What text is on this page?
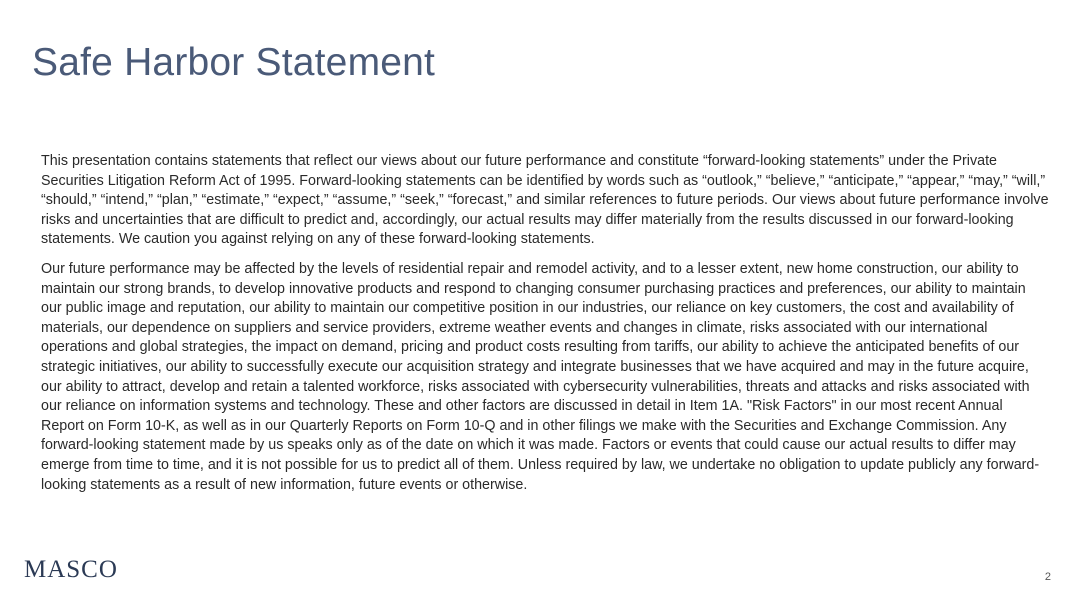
Safe Harbor Statement

This presentation contains statements that reflect our views about our future performance and constitute “forward-looking statements” under the Private Securities Litigation Reform Act of 1995. Forward-looking statements can be identified by words such as “outlook,” “believe,” “anticipate,” “appear,” “may,” “will,” “should,” “intend,” “plan,” “estimate,” “expect,” “assume,” “seek,” “forecast,” and similar references to future periods. Our views about future performance involve risks and uncertainties that are difficult to predict and, accordingly, our actual results may differ materially from the results discussed in our forward-looking statements. We caution you against relying on any of these forward-looking statements.

Our future performance may be affected by the levels of residential repair and remodel activity, and to a lesser extent, new home construction, our ability to maintain our strong brands, to develop innovative products and respond to changing consumer purchasing practices and preferences, our ability to maintain our public image and reputation, our ability to maintain our competitive position in our industries, our reliance on key customers, the cost and availability of materials, our dependence on suppliers and service providers, extreme weather events and changes in climate, risks associated with our international operations and global strategies, the impact on demand, pricing and product costs resulting from tariffs, our ability to achieve the anticipated benefits of our strategic initiatives, our ability to successfully execute our acquisition strategy and integrate businesses that we have acquired and may in the future acquire, our ability to attract, develop and retain a talented workforce, risks associated with cybersecurity vulnerabilities, threats and attacks and risks associated with our reliance on information systems and technology. These and other factors are discussed in detail in Item 1A. "Risk Factors" in our most recent Annual Report on Form 10-K, as well as in our Quarterly Reports on Form 10-Q and in other filings we make with the Securities and Exchange Commission. Any forward-looking statement made by us speaks only as of the date on which it was made. Factors or events that could cause our actual results to differ may emerge from time to time, and it is not possible for us to predict all of them. Unless required by law, we undertake no obligation to update publicly any forward-looking statements as a result of new information, future events or otherwise.

MASCO	2
